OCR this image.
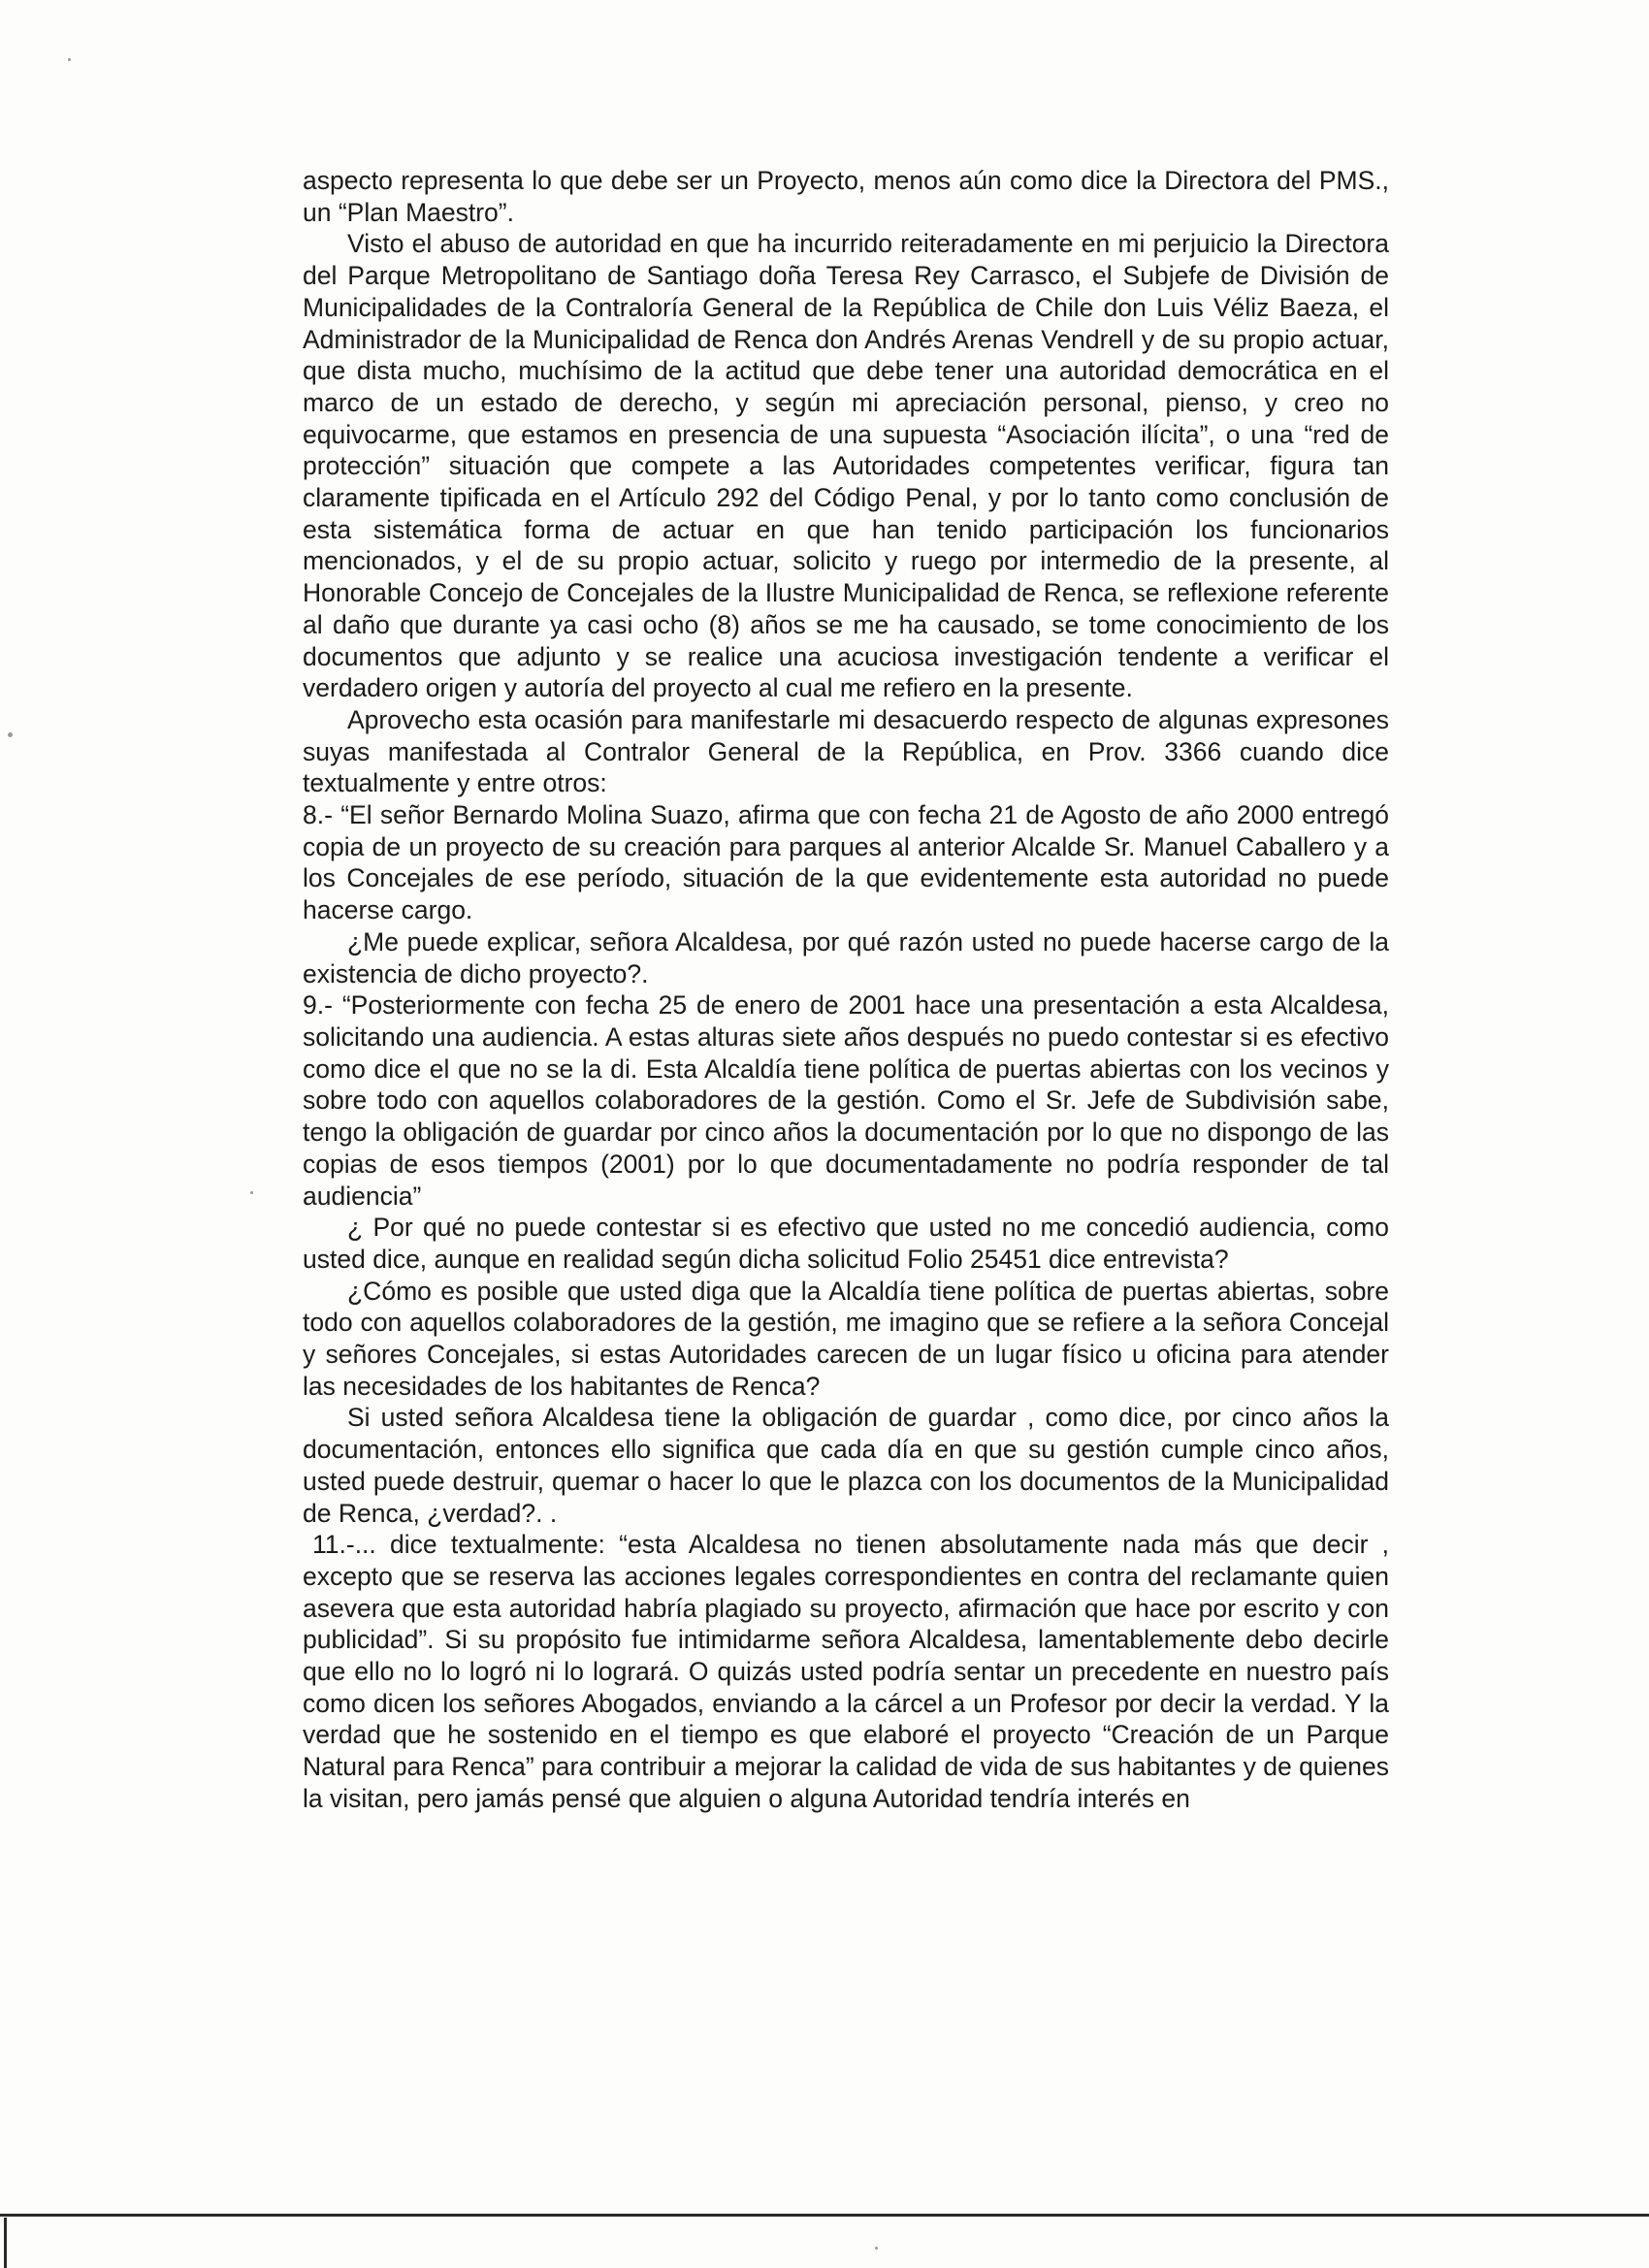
aspecto representa lo que debe ser un Proyecto, menos aún como dice la Directora del PMS., un “Plan Maestro”.

Visto el abuso de autoridad en que ha incurrido reiteradamente en mi perjuicio la Directora del Parque Metropolitano de Santiago doña Teresa Rey Carrasco, el Subjefe de División de Municipalidades de la Contraloría General de la República de Chile don Luis Véliz Baeza, el Administrador de la Municipalidad de Renca don Andrés Arenas Vendrell y de su propio actuar, que dista mucho, muchísimo de la actitud que debe tener una autoridad democrática en el marco de un estado de derecho, y según mi apreciación personal, pienso, y creo no equivocarme, que estamos en presencia de una supuesta “Asociación ilícita”, o una “red de protección” situación que compete a las Autoridades competentes verificar, figura tan claramente tipificada en el Artículo 292 del Código Penal, y por lo tanto como conclusión de esta sistemática forma de actuar en que han tenido participación los funcionarios mencionados, y el de su propio actuar, solicito y ruego por intermedio de la presente, al Honorable Concejo de Concejales de la Ilustre Municipalidad de Renca, se reflexione referente al daño que durante ya casi ocho (8) años se me ha causado, se tome conocimiento de los documentos que adjunto y se realice una acuciosa investigación tendente a verificar el verdadero origen y autoría del proyecto al cual me refiero en la presente.

Aprovecho esta ocasión para manifestarle mi desacuerdo respecto de algunas expresones suyas manifestada al Contralor General de la República, en Prov. 3366 cuando dice textualmente y entre otros:

8.- “El señor Bernardo Molina Suazo, afirma que con fecha 21 de Agosto de año 2000 entregó copia de un proyecto de su creación para parques al anterior Alcalde Sr. Manuel Caballero y a los Concejales de ese período, situación de la que evidentemente esta autoridad no puede hacerse cargo.

¿Me puede explicar, señora Alcaldesa, por qué razón usted no puede hacerse cargo de la existencia de dicho proyecto?.

9.- “Posteriormente con fecha 25 de enero de 2001 hace una presentación a esta Alcaldesa, solicitando una audiencia. A estas alturas siete años después no puedo contestar si es efectivo como dice el que no se la di. Esta Alcaldía tiene política de puertas abiertas con los vecinos y sobre todo con aquellos colaboradores de la gestión. Como el Sr. Jefe de Subdivisión sabe, tengo la obligación de guardar por cinco años la documentación por lo que no dispongo de las copias de esos tiempos (2001) por lo que documentadamente no podría responder de tal audiencia”

¿ Por qué no puede contestar si es efectivo que usted no me concedió audiencia, como usted dice, aunque en realidad según dicha solicitud Folio 25451 dice entrevista?

¿Cómo es posible que usted diga que la Alcaldía tiene política de puertas abiertas, sobre todo con aquellos colaboradores de la gestión, me imagino que se refiere a la señora Concejal y señores Concejales, si estas Autoridades carecen de un lugar físico u oficina para atender las necesidades de los habitantes de Renca?

Si usted señora Alcaldesa tiene la obligación de guardar , como dice, por cinco años la documentación, entonces ello significa que cada día en que su gestión cumple cinco años, usted puede destruir, quemar o hacer lo que le plazca con los documentos de la Municipalidad de Renca, ¿verdad?. .

11.-... dice textualmente: “esta Alcaldesa no tienen absolutamente nada más que decir , excepto que se reserva las acciones legales correspondientes en contra del reclamante quien asevera que esta autoridad habría plagiado su proyecto, afirmación que hace por escrito y con publicidad”. Si su propósito fue intimidarme señora Alcaldesa, lamentablemente debo decirle que ello no lo logró ni lo logrará. O quizás usted podría sentar un precedente en nuestro país como dicen los señores Abogados, enviando a la cárcel a un Profesor por decir la verdad. Y la verdad que he sostenido en el tiempo es que elaboré el proyecto “Creación de un Parque Natural para Renca” para contribuir a mejorar la calidad de vida de sus habitantes y de quienes la visitan, pero jamás pensé que alguien o alguna Autoridad tendría interés en
